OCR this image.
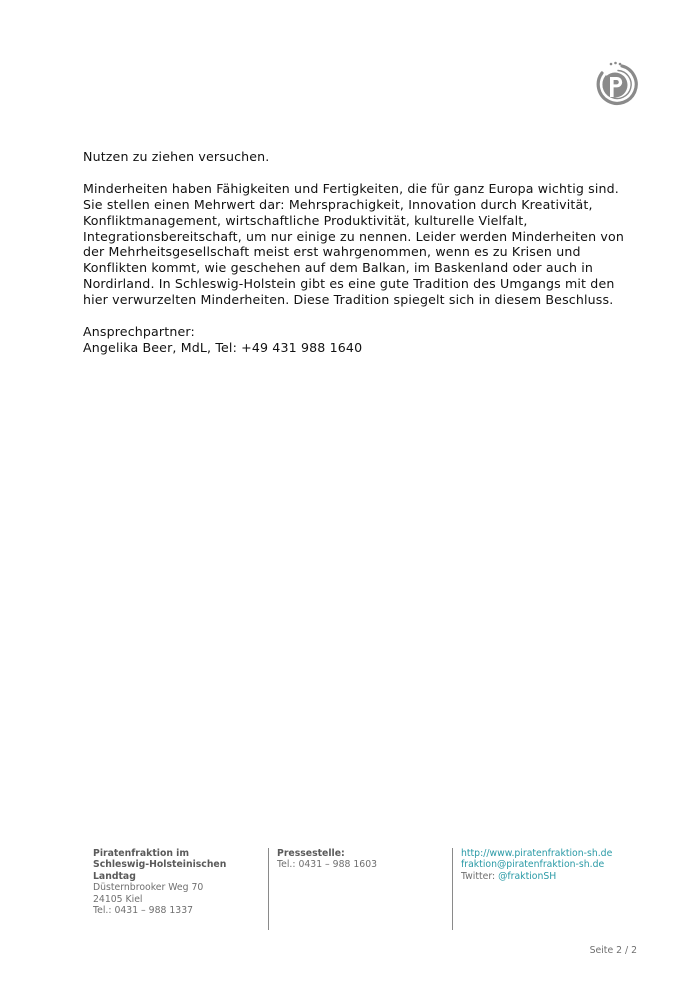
Nutzen zu ziehen versuchen.

Minderheiten haben Fähigkeiten und Fertigkeiten, die für ganz Europa wichtig sind.
Sie stellen einen Mehrwert dar: Mehrsprachigkeit, Innovation durch Kreativität,
Konfliktmanagement, wirtschaftliche Produktivität, kulturelle Vielfalt,
Integrationsbereitschaft, um nur einige zu nennen. Leider werden Minderheiten von
der Mehrheitsgesellschaft meist erst wahrgenommen, wenn es zu Krisen und
Konflikten kommt, wie geschehen auf dem Balkan, im Baskenland oder auch in
Nordirland. In Schleswig-Holstein gibt es eine gute Tradition des Umgangs mit den
hier verwurzelten Minderheiten. Diese Tradition spiegelt sich in diesem Beschluss.

Ansprechpartner:
Angelika Beer, MdL, Tel: +49 431 988 1640

Piratenfraktion im
Schleswig-Holsteinischen
Landtag
Düsternbrooker Weg 70
24105 Kiel
Tel.: 0431 – 988 1337
Pressestelle:
Tel.: 0431 – 988 1603
http://www.piratenfraktion-sh.de
fraktion@piratenfraktion-sh.de
Twitter: @fraktionSH
Seite 2 / 2
